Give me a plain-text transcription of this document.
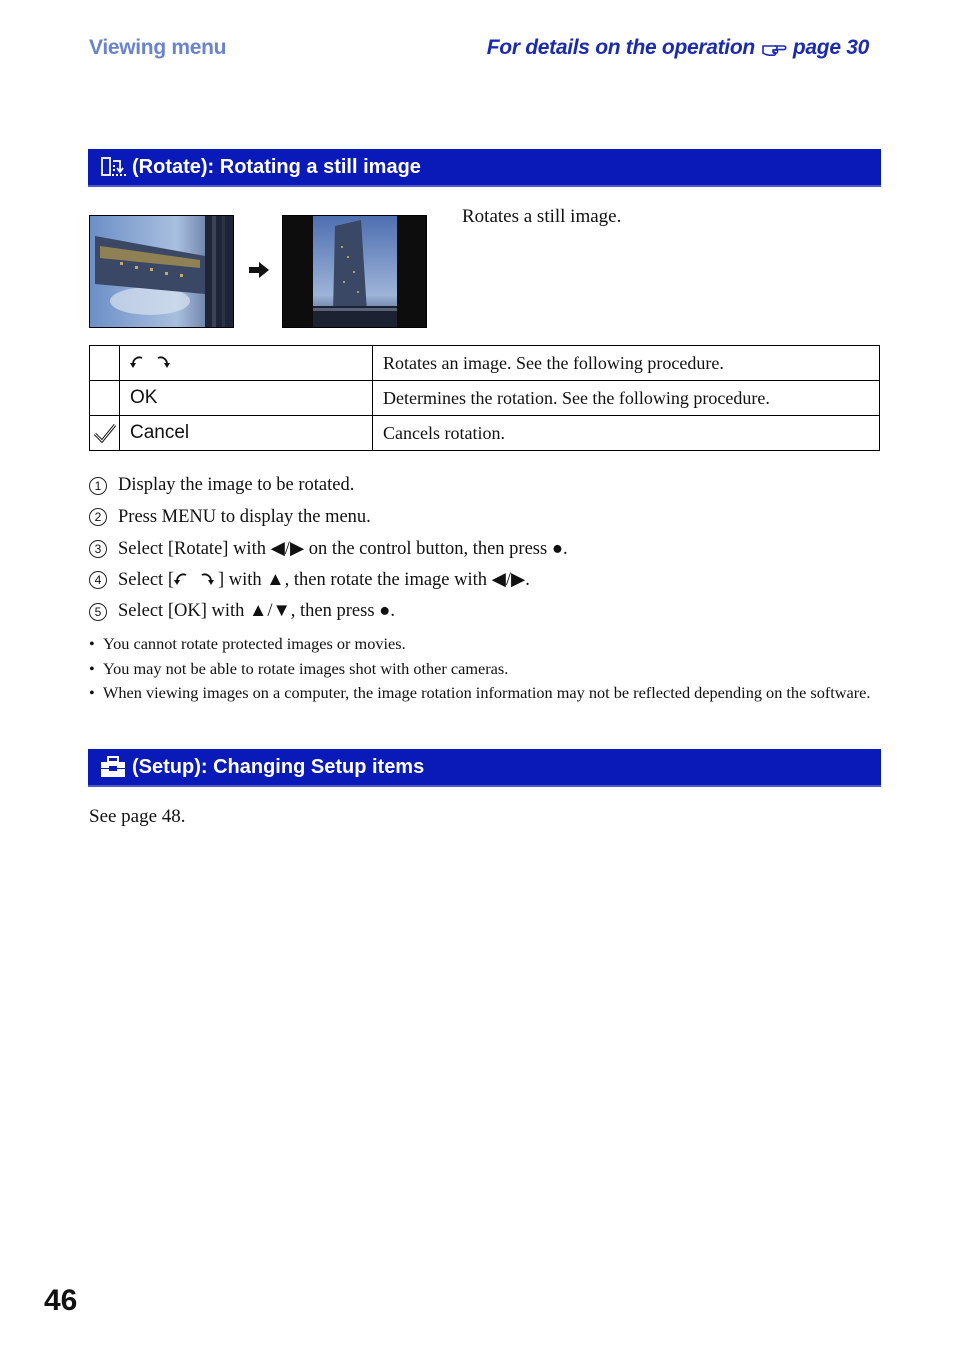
Viewing menu	For details on the operation page 30
(Rotate): Rotating a still image
Rotates a still image.
		Rotates an image. See the following procedure.
	OK	Determines the rotation. See the following procedure.
	Cancel	Cancels rotation.
1 Display the image to be rotated.
2 Press MENU to display the menu.
3 Select [Rotate] with ◀/▶ on the control button, then press ●.
4 Select [ ] with ▲, then rotate the image with ◀/▶.
5 Select [OK] with ▲/▼, then press ●.
• You cannot rotate protected images or movies.
• You may not be able to rotate images shot with other cameras.
• When viewing images on a computer, the image rotation information may not be reflected depending on the software.
(Setup): Changing Setup items
See page 48.
46
